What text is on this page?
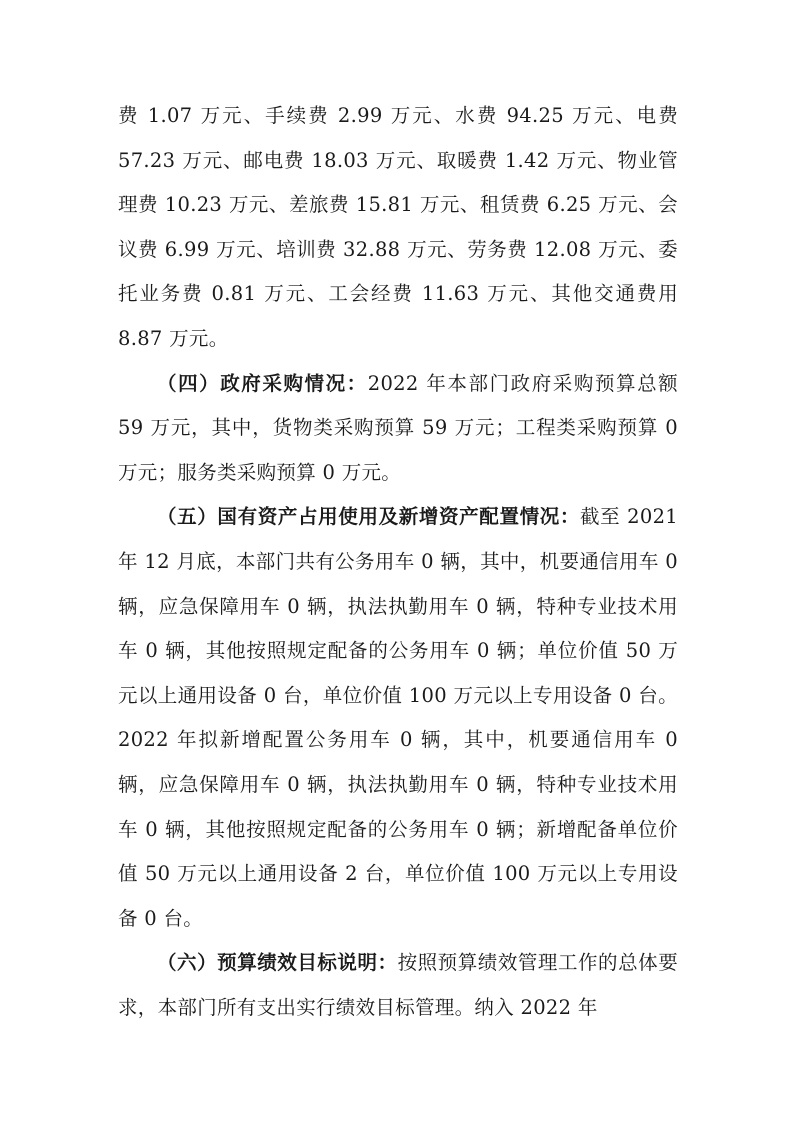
费 1.07 万元、手续费 2.99 万元、水费 94.25 万元、电费 57.23 万元、邮电费 18.03 万元、取暖费 1.42 万元、物业管理费 10.23 万元、差旅费 15.81 万元、租赁费 6.25 万元、会议费 6.99 万元、培训费 32.88 万元、劳务费 12.08 万元、委托业务费 0.81 万元、工会经费 11.63 万元、其他交通费用 8.87 万元。

（四）政府采购情况：2022 年本部门政府采购预算总额 59 万元，其中，货物类采购预算 59 万元；工程类采购预算 0 万元；服务类采购预算 0 万元。

（五）国有资产占用使用及新增资产配置情况：截至 2021 年 12 月底，本部门共有公务用车 0 辆，其中，机要通信用车 0 辆，应急保障用车 0 辆，执法执勤用车 0 辆，特种专业技术用车 0 辆，其他按照规定配备的公务用车 0 辆；单位价值 50 万元以上通用设备 0 台，单位价值 100 万元以上专用设备 0 台。2022 年拟新增配置公务用车 0 辆，其中，机要通信用车 0 辆，应急保障用车 0 辆，执法执勤用车 0 辆，特种专业技术用车 0 辆，其他按照规定配备的公务用车 0 辆；新增配备单位价值 50 万元以上通用设备 2 台，单位价值 100 万元以上专用设备 0 台。

（六）预算绩效目标说明：按照预算绩效管理工作的总体要求，本部门所有支出实行绩效目标管理。纳入 2022 年
